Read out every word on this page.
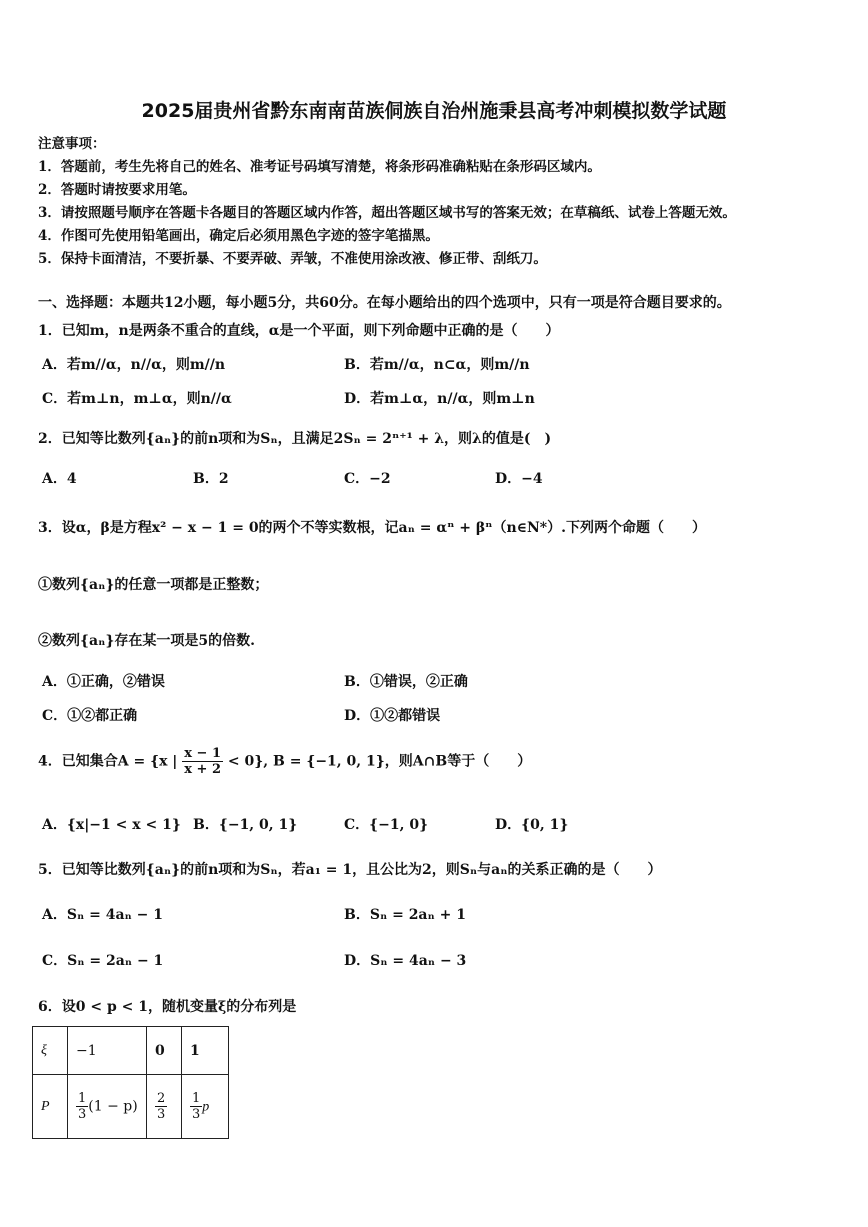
2025届贵州省黔东南南苗族侗族自治州施秉县高考冲刺模拟数学试题
注意事项：
1．答题前，考生先将自己的姓名、准考证号码填写清楚，将条形码准确粘贴在条形码区域内。
2．答题时请按要求用笔。
3．请按照题号顺序在答题卡各题目的答题区域内作答，超出答题区域书写的答案无效；在草稿纸、试卷上答题无效。
4．作图可先使用铅笔画出，确定后必须用黑色字迹的签字笔描黑。
5．保持卡面清洁，不要折暴、不要弄破、弄皱，不准使用涂改液、修正带、刮纸刀。
一、选择题：本题共12小题，每小题5分，共60分。在每小题给出的四个选项中，只有一项是符合题目要求的。
1．已知m，n是两条不重合的直线，α是一个平面，则下列命题中正确的是（　　）
A．若m//α，n//α，则m//n	B．若m//α，n⊂α，则m//n
C．若m⊥n，m⊥α，则n//α	D．若m⊥α，n//α，则m⊥n
2．已知等比数列{aₙ}的前n项和为Sₙ，且满足2Sₙ = 2ⁿ⁺¹ + λ，则λ的值是(　)
A．4	B．2	C．−2	D．−4
3．设α，β是方程x² − x − 1 = 0的两个不等实数根，记aₙ = αⁿ + βⁿ（n∈N*）.下列两个命题（　　）
①数列{aₙ}的任意一项都是正整数；
②数列{aₙ}存在某一项是5的倍数.
A．①正确，②错误	B．①错误，②正确
C．①②都正确	D．①②都错误
4．已知集合A = {x | $\frac{x - 1}{x + 2} < 0$}, B = {−1, 0, 1}，则A∩B等于（　　）
A．{x|−1 < x < 1} B．{−1, 0, 1}	C．{−1, 0}	D．{0, 1}
5．已知等比数列{aₙ}的前n项和为Sₙ，若a₁ = 1，且公比为2，则Sₙ与aₙ的关系正确的是（　　）
A．Sₙ = 4aₙ − 1	B．Sₙ = 2aₙ + 1
C．Sₙ = 2aₙ − 1	D．Sₙ = 4aₙ − 3
6．设0 < p < 1，随机变量ξ的分布列是
ξ	−1	0	1
P	$\frac{1}{3} (1 - p)$	$\frac{2}{3}$	$\frac{1}{3}$ p
